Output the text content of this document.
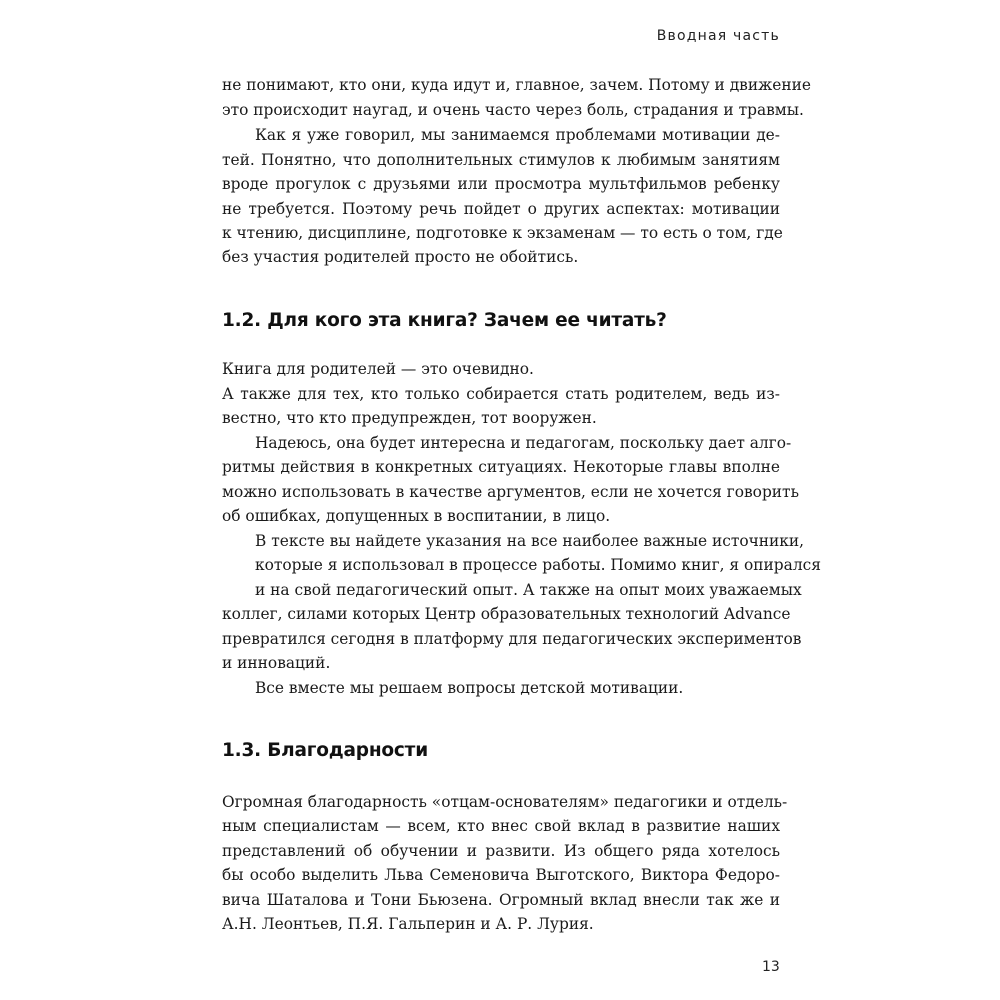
Вводная часть
не понимают, кто они, куда идут и, главное, зачем. Потому и движение
это происходит наугад, и очень часто через боль, страдания и травмы.
Как я уже говорил, мы занимаемся проблемами мотивации де-
тей. Понятно, что дополнительных стимулов к любимым занятиям
вроде прогулок с друзьями или просмотра мультфильмов ребенку
не требуется. Поэтому речь пойдет о других аспектах: мотивации
к чтению, дисциплине, подготовке к экзаменам — то есть о том, где
без участия родителей просто не обойтись.
1.2. Для кого эта книга? Зачем ее читать?
Книга для родителей — это очевидно.
А также для тех, кто только собирается стать родителем, ведь из-
вестно, что кто предупрежден, тот вооружен.
Надеюсь, она будет интересна и педагогам, поскольку дает алго-
ритмы действия в конкретных ситуациях. Некоторые главы вполне
можно использовать в качестве аргументов, если не хочется говорить
об ошибках, допущенных в воспитании, в лицо.
В тексте вы найдете указания на все наиболее важные источники,
которые я использовал в процессе работы. Помимо книг, я опирался
и на свой педагогический опыт. А также на опыт моих уважаемых
коллег, силами которых Центр образовательных технологий Advance
превратился сегодня в платформу для педагогических экспериментов
и инноваций.
Все вместе мы решаем вопросы детской мотивации.
1.3. Благодарности
Огромная благодарность «отцам-основателям» педагогики и отдель-
ным специалистам — всем, кто внес свой вклад в развитие наших
представлений об обучении и развити. Из общего ряда хотелось
бы особо выделить Льва Семеновича Выготского, Виктора Федоро-
вича Шаталова и Тони Бьюзена. Огромный вклад внесли так же и
А.Н. Леонтьев, П.Я. Гальперин и А. Р. Лурия.
13
